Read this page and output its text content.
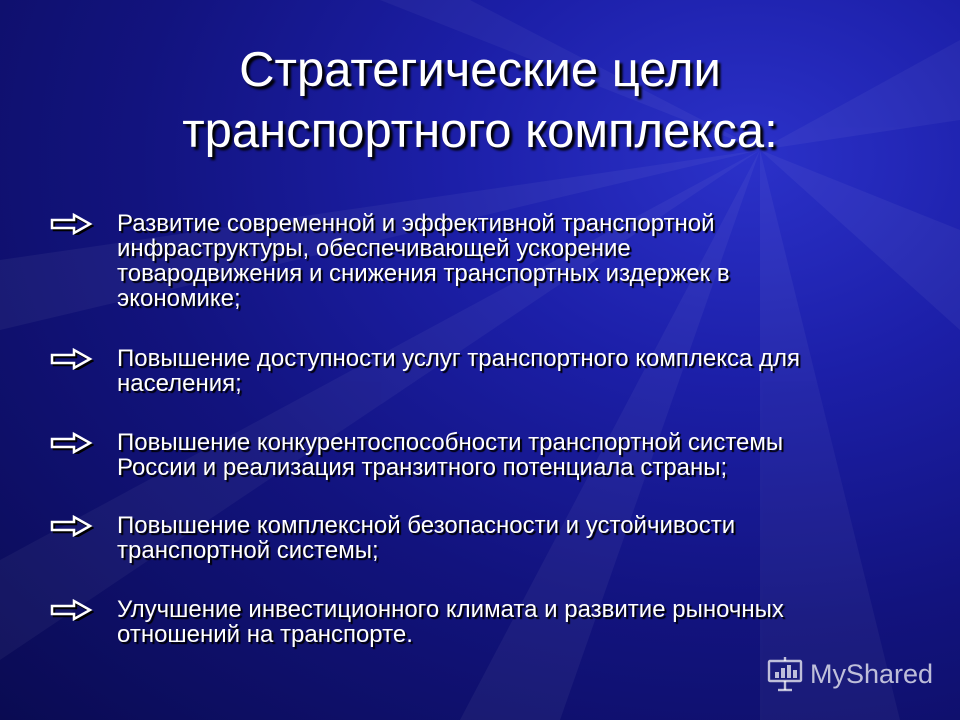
Стратегические цели
транспортного комплекса:
Развитие современной и эффективной транспортной
инфраструктуры, обеспечивающей ускорение
товародвижения и снижения транспортных издержек в
экономике;
Повышение доступности услуг транспортного комплекса для
населения;
Повышение конкурентоспособности транспортной системы
России и реализация транзитного потенциала страны;
Повышение комплексной безопасности и устойчивости
транспортной системы;
Улучшение инвестиционного климата и развитие рыночных
отношений на транспорте.
MyShared
